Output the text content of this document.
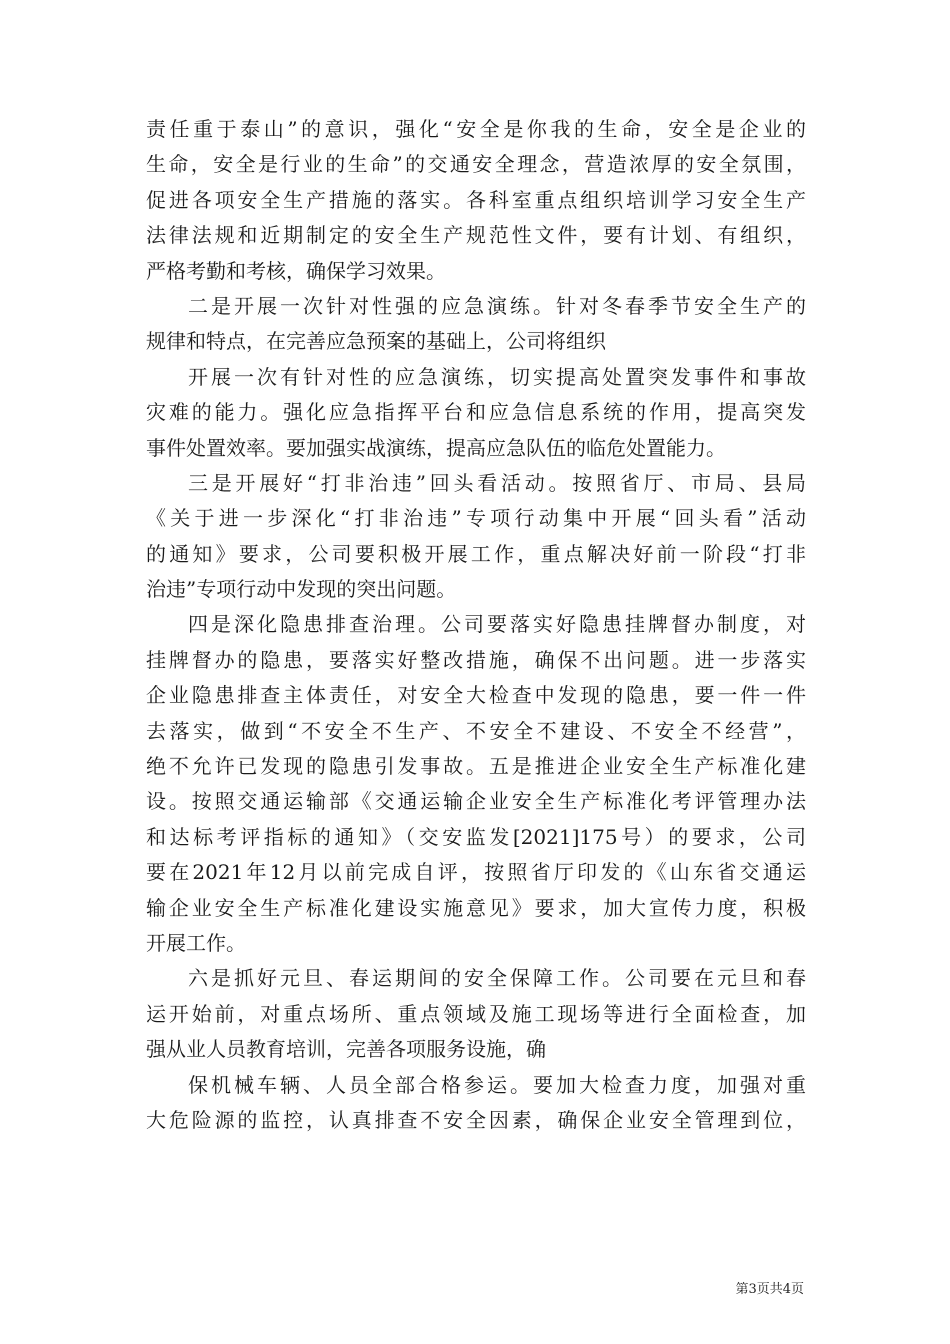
责任重于泰山”的意识，强化“安全是你我的生命，安全是企业的
生命，安全是行业的生命”的交通安全理念，营造浓厚的安全氛围，
促进各项安全生产措施的落实。各科室重点组织培训学习安全生产
法律法规和近期制定的安全生产规范性文件，要有计划、有组织，
严格考勤和考核，确保学习效果。
二是开展一次针对性强的应急演练。针对冬春季节安全生产的
规律和特点，在完善应急预案的基础上，公司将组织
开展一次有针对性的应急演练，切实提高处置突发事件和事故
灾难的能力。强化应急指挥平台和应急信息系统的作用，提高突发
事件处置效率。要加强实战演练，提高应急队伍的临危处置能力。
三是开展好“打非治违”回头看活动。按照省厅、市局、县局
《关于进一步深化“打非治违”专项行动集中开展“回头看”活动
的通知》要求，公司要积极开展工作，重点解决好前一阶段“打非
治违”专项行动中发现的突出问题。
四是深化隐患排查治理。公司要落实好隐患挂牌督办制度，对
挂牌督办的隐患，要落实好整改措施，确保不出问题。进一步落实
企业隐患排查主体责任，对安全大检查中发现的隐患，要一件一件
去落实，做到“不安全不生产、不安全不建设、不安全不经营”，
绝不允许已发现的隐患引发事故。五是推进企业安全生产标准化建
设。按照交通运输部《交通运输企业安全生产标准化考评管理办法
和达标考评指标的通知》（交安监发[2021]175号）的要求，公司
要在2021年12月以前完成自评，按照省厅印发的《山东省交通运
输企业安全生产标准化建设实施意见》要求，加大宣传力度，积极
开展工作。
六是抓好元旦、春运期间的安全保障工作。公司要在元旦和春
运开始前，对重点场所、重点领域及施工现场等进行全面检查，加
强从业人员教育培训，完善各项服务设施，确
保机械车辆、人员全部合格参运。要加大检查力度，加强对重
大危险源的监控，认真排查不安全因素，确保企业安全管理到位，
第3页共4页
